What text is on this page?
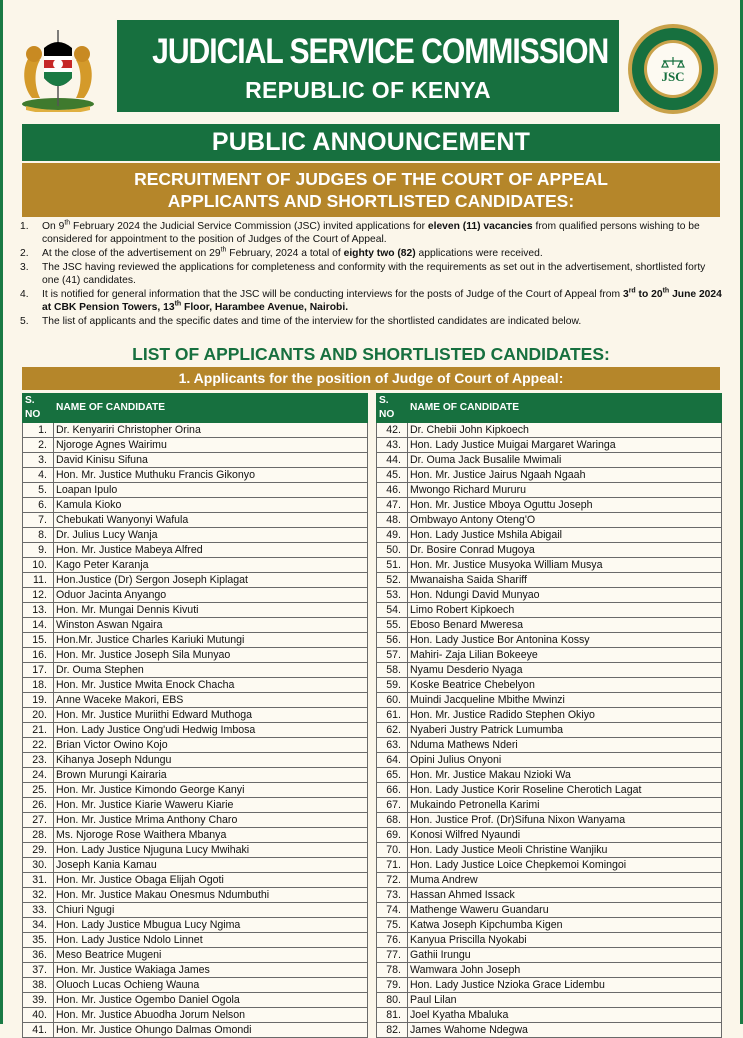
JUDICIAL SERVICE COMMISSION
REPUBLIC OF KENYA
JSC
PUBLIC ANNOUNCEMENT
RECRUITMENT OF JUDGES OF THE COURT OF APPEAL
APPLICANTS AND SHORTLISTED CANDIDATES:
1. On 9th February 2024 the Judicial Service Commission (JSC) invited applications for eleven (11) vacancies from qualified persons wishing to be considered for appointment to the position of Judges of the Court of Appeal.
2. At the close of the advertisement on 29th February, 2024 a total of eighty two (82) applications were received.
3. The JSC having reviewed the applications for completeness and conformity with the requirements as set out in the advertisement, shortlisted forty one (41) candidates.
4. It is notified for general information that the JSC will be conducting interviews for the posts of Judge of the Court of Appeal from 3rd to 20th June 2024 at CBK Pension Towers, 13th Floor, Harambee Avenue, Nairobi.
5. The list of applicants and the specific dates and time of the interview for the shortlisted candidates are indicated below.
LIST OF APPLICANTS AND SHORTLISTED CANDIDATES:
1. Applicants for the position of Judge of Court of Appeal:
S. NO	NAME OF CANDIDATE
1.	Dr. Kenyariri Christopher Orina
2.	Njoroge Agnes Wairimu
3.	David Kinisu Sifuna
4.	Hon. Mr. Justice Muthuku Francis Gikonyo
5.	Loapan Ipulo
6.	Kamula Kioko
7.	Chebukati Wanyonyi Wafula
8.	Dr. Julius Lucy Wanja
9.	Hon. Mr. Justice Mabeya Alfred
10.	Kago Peter Karanja
11.	Hon.Justice (Dr) Sergon Joseph Kiplagat
12.	Oduor Jacinta Anyango
13.	Hon. Mr. Mungai Dennis Kivuti
14.	Winston Aswan Ngaira
15.	Hon.Mr. Justice Charles Kariuki Mutungi
16.	Hon. Mr. Justice Joseph Sila Munyao
17.	Dr. Ouma Stephen
18.	Hon. Mr. Justice Mwita Enock Chacha
19.	Anne Waceke Makori, EBS
20.	Hon. Mr. Justice Muriithi Edward Muthoga
21.	Hon. Lady Justice Ong'udi Hedwig Imbosa
22.	Brian Victor Owino Kojo
23.	Kihanya Joseph Ndungu
24.	Brown Murungi Kairaria
25.	Hon. Mr. Justice Kimondo George Kanyi
26.	Hon. Mr. Justice Kiarie Waweru Kiarie
27.	Hon. Mr. Justice Mrima Anthony Charo
28.	Ms. Njoroge Rose Waithera Mbanya
29.	Hon. Lady Justice Njuguna Lucy Mwihaki
30.	Joseph Kania Kamau
31.	Hon. Mr. Justice Obaga Elijah Ogoti
32.	Hon. Mr. Justice Makau Onesmus Ndumbuthi
33.	Chiuri Ngugi
34.	Hon. Lady Justice Mbugua Lucy Ngima
35.	Hon. Lady Justice Ndolo Linnet
36.	Meso Beatrice Mugeni
37.	Hon. Mr. Justice Wakiaga James
38.	Oluoch Lucas Ochieng Wauna
39.	Hon. Mr. Justice Ogembo Daniel Ogola
40.	Hon. Mr. Justice Abuodha Jorum Nelson
41.	Hon. Mr. Justice Ohungo Dalmas Omondi
S. NO	NAME OF CANDIDATE
42.	Dr. Chebii John Kipkoech
43.	Hon. Lady Justice Muigai Margaret Waringa
44.	Dr. Ouma Jack Busalile Mwimali
45.	Hon. Mr. Justice Jairus Ngaah Ngaah
46.	Mwongo Richard Mururu
47.	Hon. Mr. Justice Mboya Oguttu Joseph
48.	Ombwayo Antony Oteng'O
49.	Hon. Lady Justice Mshila Abigail
50.	Dr. Bosire Conrad Mugoya
51.	Hon. Mr. Justice Musyoka William Musya
52.	Mwanaisha Saida Shariff
53.	Hon. Ndungi David Munyao
54.	Limo Robert Kipkoech
55.	Eboso Benard Mweresa
56.	Hon. Lady Justice Bor Antonina Kossy
57.	Mahiri- Zaja Lilian Bokeeye
58.	Nyamu Desderio Nyaga
59.	Koske Beatrice Chebelyon
60.	Muindi Jacqueline Mbithe Mwinzi
61.	Hon. Mr. Justice Radido Stephen Okiyo
62.	Nyaberi Justry Patrick Lumumba
63.	Nduma Mathews Nderi
64.	Opini Julius Onyoni
65.	Hon. Mr. Justice Makau Nzioki Wa
66.	Hon. Lady Justice Korir Roseline Cherotich Lagat
67.	Mukaindo Petronella Karimi
68.	Hon. Justice Prof. (Dr)Sifuna Nixon Wanyama
69.	Konosi Wilfred Nyaundi
70.	Hon. Lady Justice Meoli Christine Wanjiku
71.	Hon. Lady Justice Loice Chepkemoi Komingoi
72.	Muma Andrew
73.	Hassan Ahmed Issack
74.	Mathenge Waweru Guandaru
75.	Katwa Joseph Kipchumba Kigen
76.	Kanyua Priscilla Nyokabi
77.	Gathii Irungu
78.	Wamwara John Joseph
79.	Hon. Lady Justice Nzioka Grace Lidembu
80.	Paul Lilan
81.	Joel Kyatha Mbaluka
82.	James Wahome Ndegwa
